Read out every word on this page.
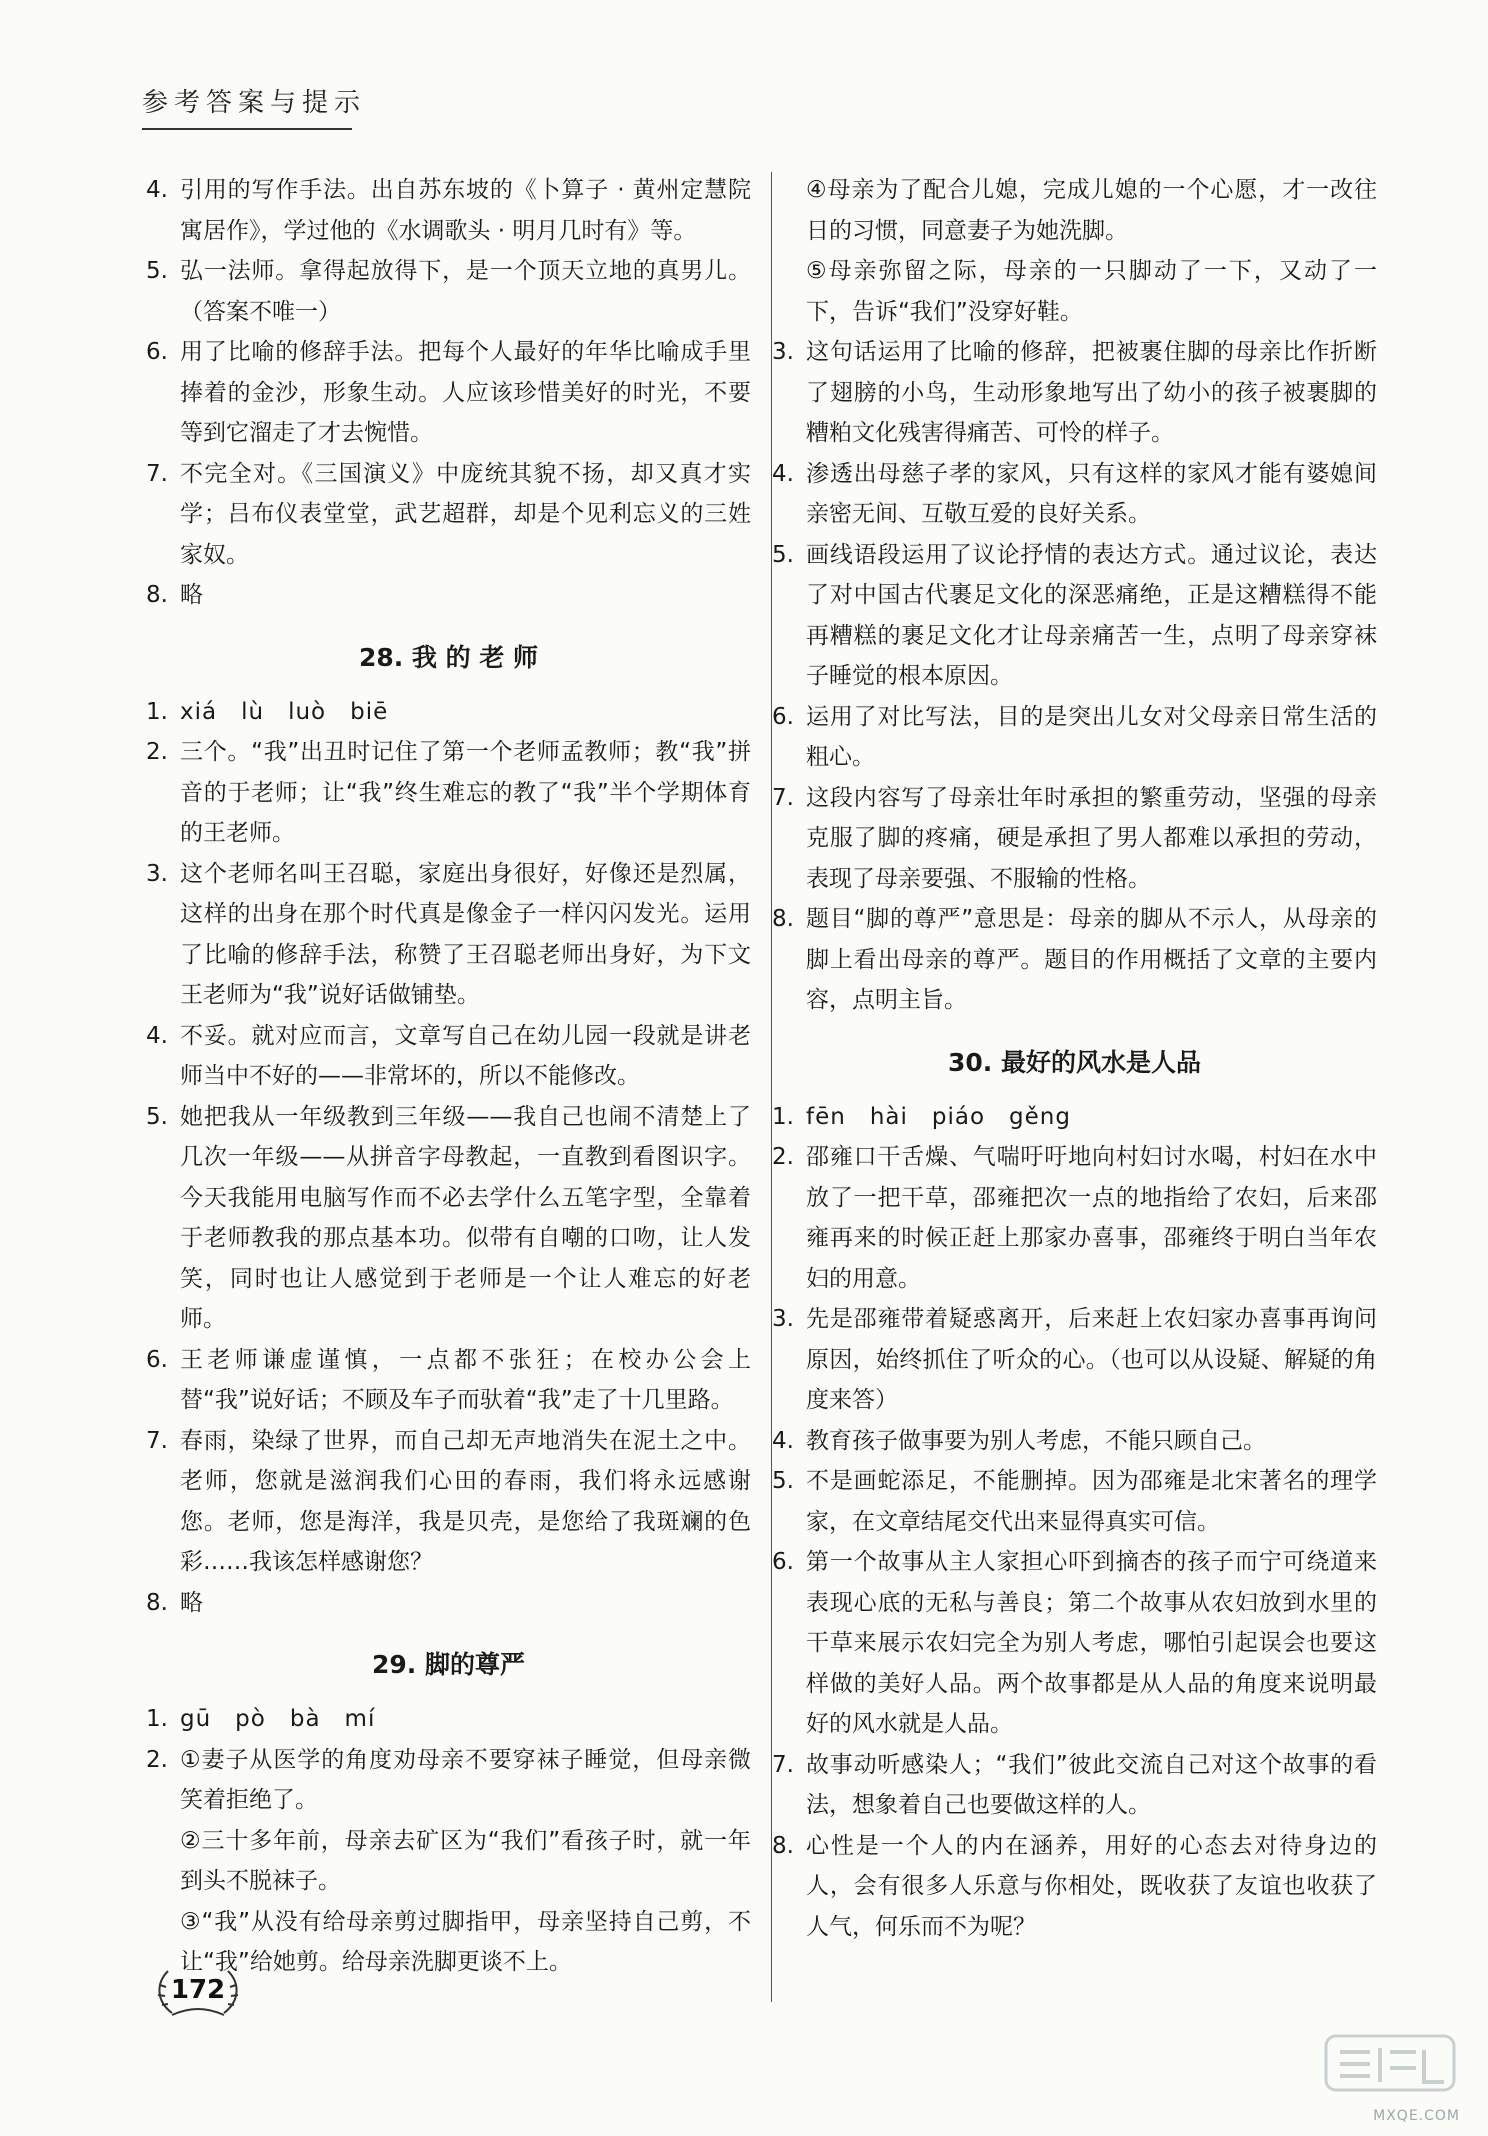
参考答案与提示
4. 引用的写作手法。出自苏东坡的《卜算子 · 黄州定慧院寓居作》，学过他的《水调歌头 · 明月几时有》等。
5. 弘一法师。拿得起放得下，是一个顶天立地的真男儿。（答案不唯一）
6. 用了比喻的修辞手法。把每个人最好的年华比喻成手里捧着的金沙，形象生动。人应该珍惜美好的时光，不要等到它溜走了才去惋惜。
7. 不完全对。《三国演义》中庞统其貌不扬，却又真才实学；吕布仪表堂堂，武艺超群，却是个见利忘义的三姓家奴。
8. 略
28. 我 的 老 师
1. xiá　lù　luò　biē
2. 三个。“我”出丑时记住了第一个老师孟教师；教“我”拼音的于老师；让“我”终生难忘的教了“我”半个学期体育的王老师。
3. 这个老师名叫王召聪，家庭出身很好，好像还是烈属，这样的出身在那个时代真是像金子一样闪闪发光。运用了比喻的修辞手法，称赞了王召聪老师出身好，为下文王老师为“我”说好话做铺垫。
4. 不妥。就对应而言，文章写自己在幼儿园一段就是讲老师当中不好的——非常坏的，所以不能修改。
5. 她把我从一年级教到三年级——我自己也闹不清楚上了几次一年级——从拼音字母教起，一直教到看图识字。今天我能用电脑写作而不必去学什么五笔字型，全靠着于老师教我的那点基本功。似带有自嘲的口吻，让人发笑，同时也让人感觉到于老师是一个让人难忘的好老师。
6. 王老师谦虚谨慎，一点都不张狂；在校办公会上替“我”说好话；不顾及车子而驮着“我”走了十几里路。
7. 春雨，染绿了世界，而自己却无声地消失在泥土之中。老师，您就是滋润我们心田的春雨，我们将永远感谢您。老师，您是海洋，我是贝壳，是您给了我斑斓的色彩……我该怎样感谢您？
8. 略
29. 脚的尊严
1. gū　pò　bà　mí
2. ①妻子从医学的角度劝母亲不要穿袜子睡觉，但母亲微笑着拒绝了。
②三十多年前，母亲去矿区为“我们”看孩子时，就一年到头不脱袜子。
③“我”从没有给母亲剪过脚指甲，母亲坚持自己剪，不让“我”给她剪。给母亲洗脚更谈不上。
④母亲为了配合儿媳，完成儿媳的一个心愿，才一改往日的习惯，同意妻子为她洗脚。
⑤母亲弥留之际，母亲的一只脚动了一下，又动了一下，告诉“我们”没穿好鞋。
3. 这句话运用了比喻的修辞，把被裹住脚的母亲比作折断了翅膀的小鸟，生动形象地写出了幼小的孩子被裹脚的糟粕文化残害得痛苦、可怜的样子。
4. 渗透出母慈子孝的家风，只有这样的家风才能有婆媳间亲密无间、互敬互爱的良好关系。
5. 画线语段运用了议论抒情的表达方式。通过议论，表达了对中国古代裹足文化的深恶痛绝，正是这糟糕得不能再糟糕的裹足文化才让母亲痛苦一生，点明了母亲穿袜子睡觉的根本原因。
6. 运用了对比写法，目的是突出儿女对父母亲日常生活的粗心。
7. 这段内容写了母亲壮年时承担的繁重劳动，坚强的母亲克服了脚的疼痛，硬是承担了男人都难以承担的劳动，表现了母亲要强、不服输的性格。
8. 题目“脚的尊严”意思是：母亲的脚从不示人，从母亲的脚上看出母亲的尊严。题目的作用概括了文章的主要内容，点明主旨。
30. 最好的风水是人品
1. fēn　hài　piáo　gěng
2. 邵雍口干舌燥、气喘吁吁地向村妇讨水喝，村妇在水中放了一把干草，邵雍把次一点的地指给了农妇，后来邵雍再来的时候正赶上那家办喜事，邵雍终于明白当年农妇的用意。
3. 先是邵雍带着疑惑离开，后来赶上农妇家办喜事再询问原因，始终抓住了听众的心。（也可以从设疑、解疑的角度来答）
4. 教育孩子做事要为别人考虑，不能只顾自己。
5. 不是画蛇添足，不能删掉。因为邵雍是北宋著名的理学家，在文章结尾交代出来显得真实可信。
6. 第一个故事从主人家担心吓到摘杏的孩子而宁可绕道来表现心底的无私与善良；第二个故事从农妇放到水里的干草来展示农妇完全为别人考虑，哪怕引起误会也要这样做的美好人品。两个故事都是从人品的角度来说明最好的风水就是人品。
7. 故事动听感染人；“我们”彼此交流自己对这个故事的看法，想象着自己也要做这样的人。
8. 心性是一个人的内在涵养，用好的心态去对待身边的人，会有很多人乐意与你相处，既收获了友谊也收获了人气，何乐而不为呢？
172
MXQE.COM
